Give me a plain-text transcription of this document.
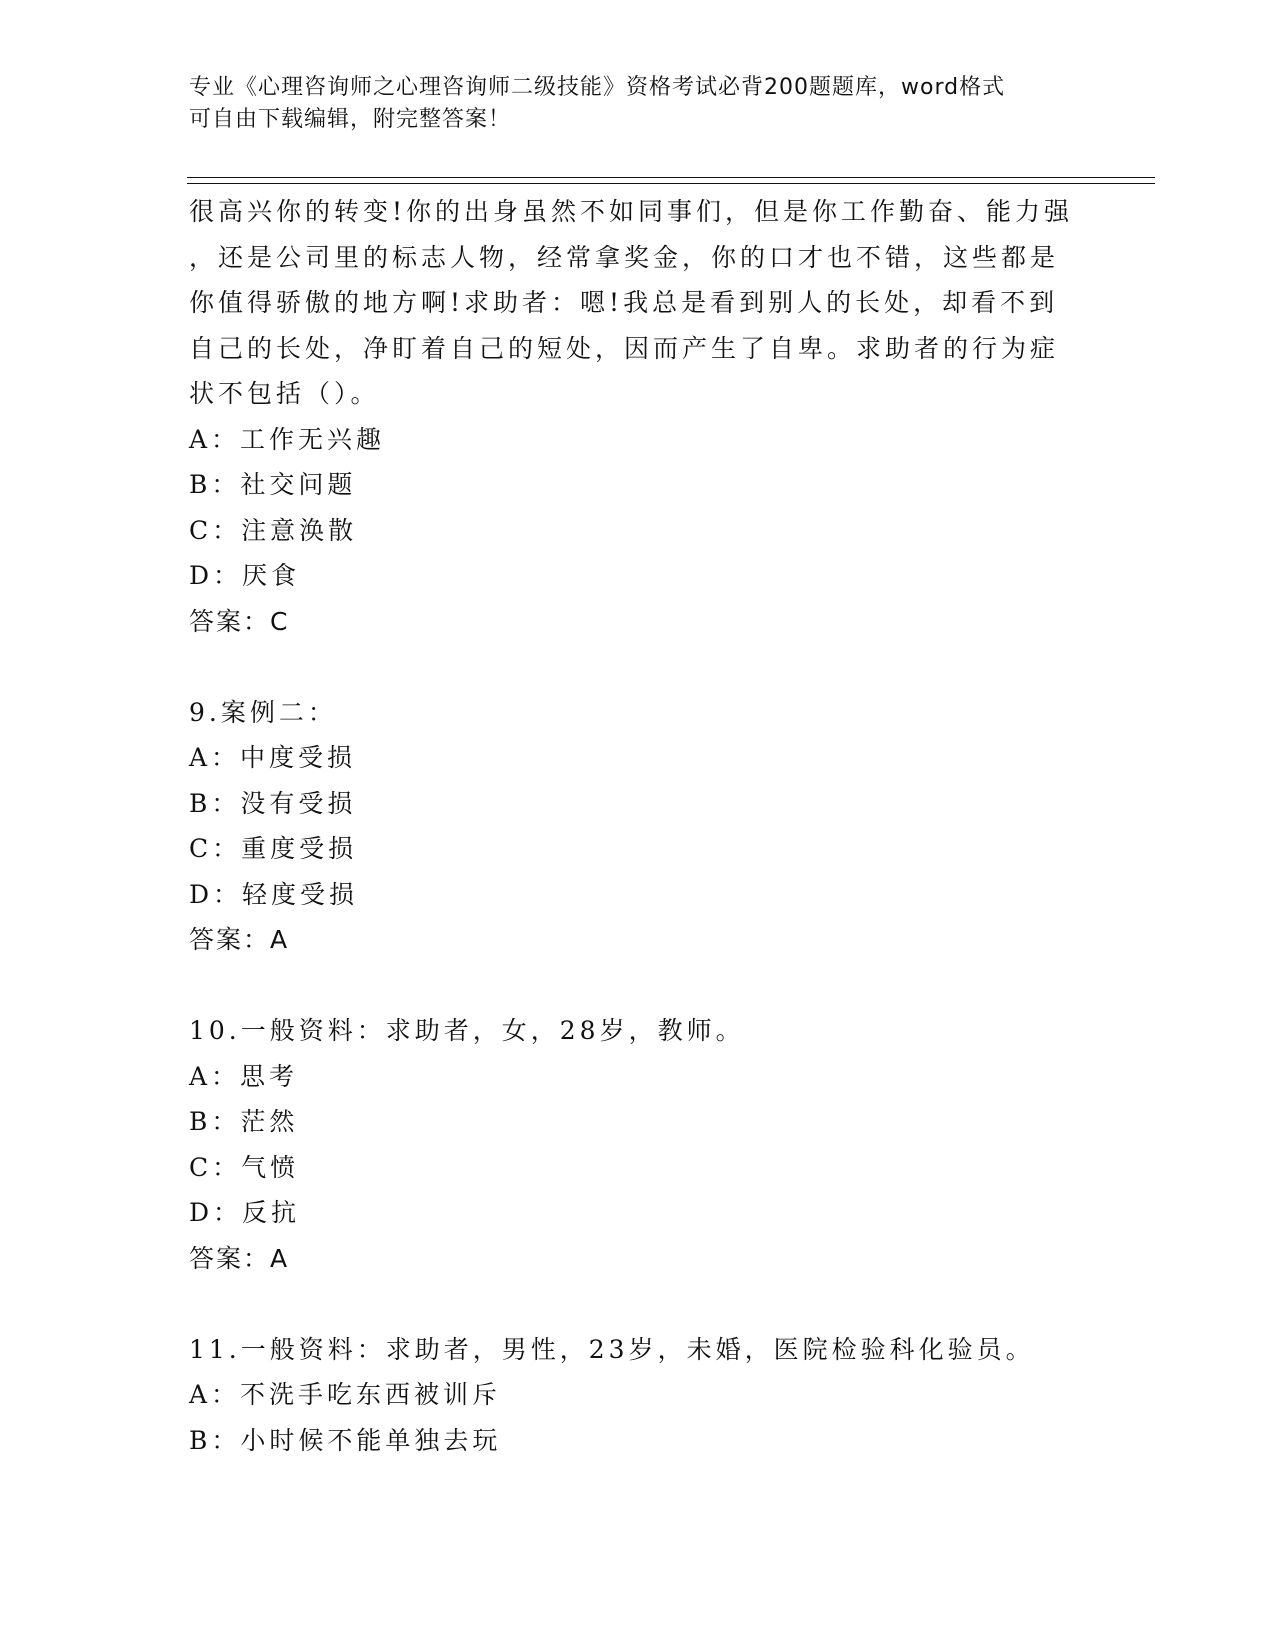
专业《心理咨询师之心理咨询师二级技能》资格考试必背200题题库，word格式
可自由下载编辑，附完整答案！
很高兴你的转变!你的出身虽然不如同事们，但是你工作勤奋、能力强
，还是公司里的标志人物，经常拿奖金，你的口才也不错，这些都是
你值得骄傲的地方啊!求助者：嗯!我总是看到别人的长处，却看不到
自己的长处，净盯着自己的短处，因而产生了自卑。求助者的行为症
状不包括（）。
A：工作无兴趣
B：社交问题
C：注意涣散
D：厌食
答案：C
9.案例二：
A：中度受损
B：没有受损
C：重度受损
D：轻度受损
答案：A
10.一般资料：求助者，女，28岁，教师。
A：思考
B：茫然
C：气愤
D：反抗
答案：A
11.一般资料：求助者，男性，23岁，未婚，医院检验科化验员。
A：不洗手吃东西被训斥
B：小时候不能单独去玩
